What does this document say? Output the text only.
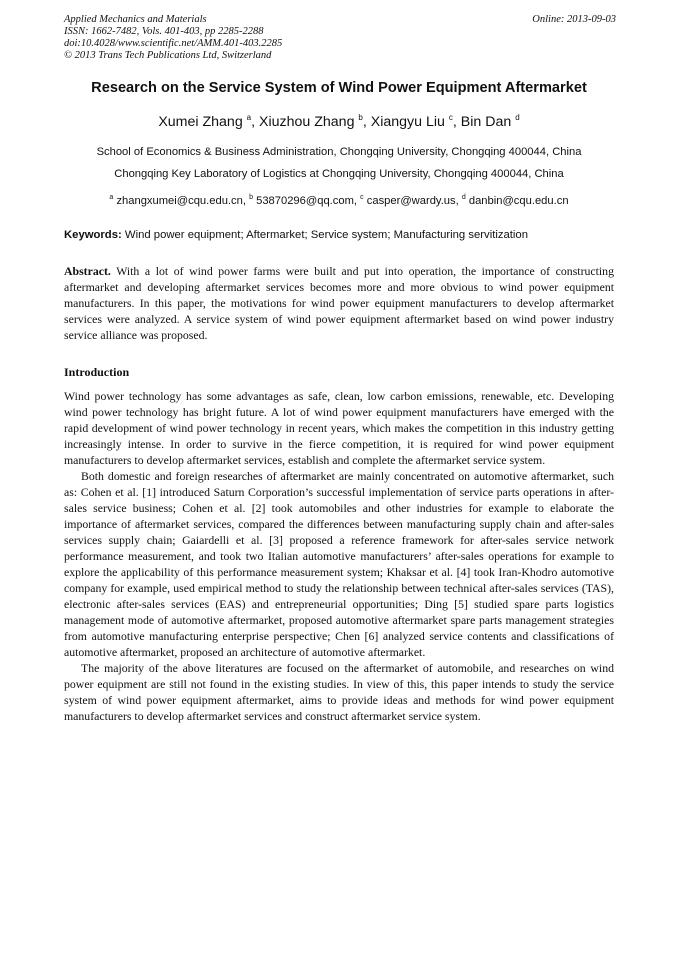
Applied Mechanics and Materials
ISSN: 1662-7482, Vols. 401-403, pp 2285-2288
doi:10.4028/www.scientific.net/AMM.401-403.2285
© 2013 Trans Tech Publications Ltd, Switzerland
Online: 2013-09-03
Research on the Service System of Wind Power Equipment Aftermarket
Xumei Zhang $^a$, Xiuzhou Zhang $^b$, Xiangyu Liu $^c$, Bin Dan $^d$
School of Economics & Business Administration, Chongqing University, Chongqing 400044, China
Chongqing Key Laboratory of Logistics at Chongqing University, Chongqing 400044, China
$^a$ zhangxumei@cqu.edu.cn, $^b$ 53870296@qq.com, $^c$ casper@wardy.us, $^d$ danbin@cqu.edu.cn
Keywords: Wind power equipment; Aftermarket; Service system; Manufacturing servitization

Abstract. With a lot of wind power farms were built and put into operation, the importance of constructing aftermarket and developing aftermarket services becomes more and more obvious to wind power equipment manufacturers. In this paper, the motivations for wind power equipment manufacturers to develop aftermarket services were analyzed. A service system of wind power equipment aftermarket based on wind power industry service alliance was proposed.

Introduction

Wind power technology has some advantages as safe, clean, low carbon emissions, renewable, etc. Developing wind power technology has bright future. A lot of wind power equipment manufacturers have emerged with the rapid development of wind power technology in recent years, which makes the competition in this industry getting increasingly intense. In order to survive in the fierce competition, it is required for wind power equipment manufacturers to develop aftermarket services, establish and complete the aftermarket service system.

Both domestic and foreign researches of aftermarket are mainly concentrated on automotive aftermarket, such as: Cohen et al. [1] introduced Saturn Corporation’s successful implementation of service parts operations in after-sales service business; Cohen et al. [2] took automobiles and other industries for example to elaborate the importance of aftermarket services, compared the differences between manufacturing supply chain and after-sales services supply chain; Gaiardelli et al. [3] proposed a reference framework for after-sales service network performance measurement, and took two Italian automotive manufacturers’ after-sales operations for example to explore the applicability of this performance measurement system; Khaksar et al. [4] took Iran-Khodro automotive company for example, used empirical method to study the relationship between technical after-sales services (TAS), electronic after-sales services (EAS) and entrepreneurial opportunities; Ding [5] studied spare parts logistics management mode of automotive aftermarket, proposed automotive aftermarket spare parts management strategies from automotive manufacturing enterprise perspective; Chen [6] analyzed service contents and classifications of automotive aftermarket, proposed an architecture of automotive aftermarket.

The majority of the above literatures are focused on the aftermarket of automobile, and researches on wind power equipment are still not found in the existing studies. In view of this, this paper intends to study the service system of wind power equipment aftermarket, aims to provide ideas and methods for wind power equipment manufacturers to develop aftermarket services and construct aftermarket service system.
